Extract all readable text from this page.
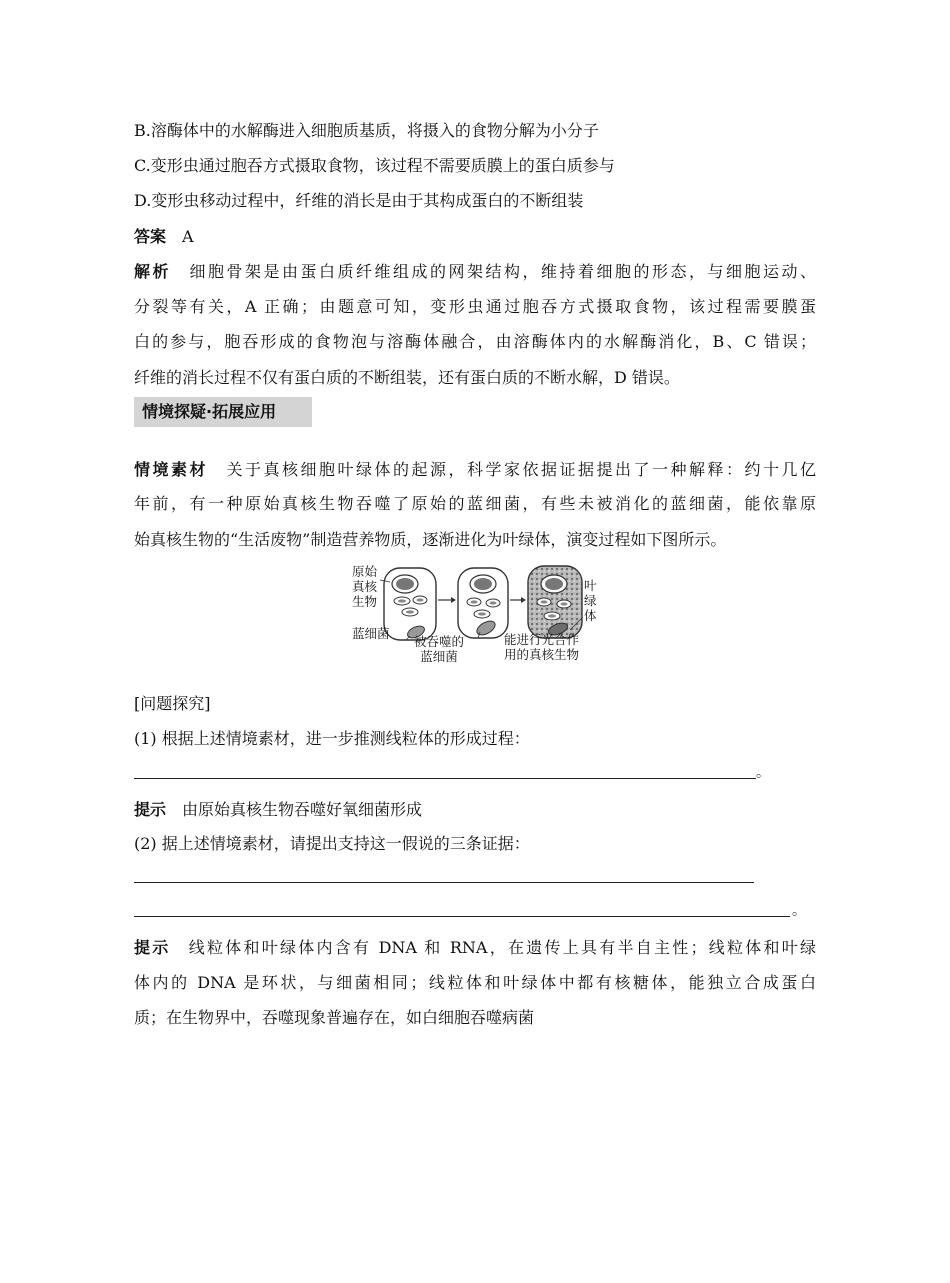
B.溶酶体中的水解酶进入细胞质基质，将摄入的食物分解为小分子
C.变形虫通过胞吞方式摄取食物，该过程不需要质膜上的蛋白质参与
D.变形虫移动过程中，纤维的消长是由于其构成蛋白的不断组装
答案 A
解析 细胞骨架是由蛋白质纤维组成的网架结构，维持着细胞的形态，与细胞运动、
分裂等有关，A 正确；由题意可知，变形虫通过胞吞方式摄取食物，该过程需要膜蛋
白的参与，胞吞形成的食物泡与溶酶体融合，由溶酶体内的水解酶消化，B、C 错误；
纤维的消长过程不仅有蛋白质的不断组装，还有蛋白质的不断水解，D 错误。
情境探疑·拓展应用
情境素材 关于真核细胞叶绿体的起源，科学家依据证据提出了一种解释：约十几亿
年前，有一种原始真核生物吞噬了原始的蓝细菌，有些未被消化的蓝细菌，能依靠原
始真核生物的“生活废物”制造营养物质，逐渐进化为叶绿体，演变过程如下图所示。
原始
真核
生物
蓝细菌
被吞噬的
蓝细菌
能进行光合作
用的真核生物
叶
绿
体
[问题探究]
(1) 根据上述情境素材，进一步推测线粒体的形成过程：
。
提示 由原始真核生物吞噬好氧细菌形成
(2) 据上述情境素材，请提出支持这一假说的三条证据：
。
提示 线粒体和叶绿体内含有 DNA 和 RNA，在遗传上具有半自主性；线粒体和叶绿
体内的 DNA 是环状，与细菌相同；线粒体和叶绿体中都有核糖体，能独立合成蛋白
质；在生物界中，吞噬现象普遍存在，如白细胞吞噬病菌
